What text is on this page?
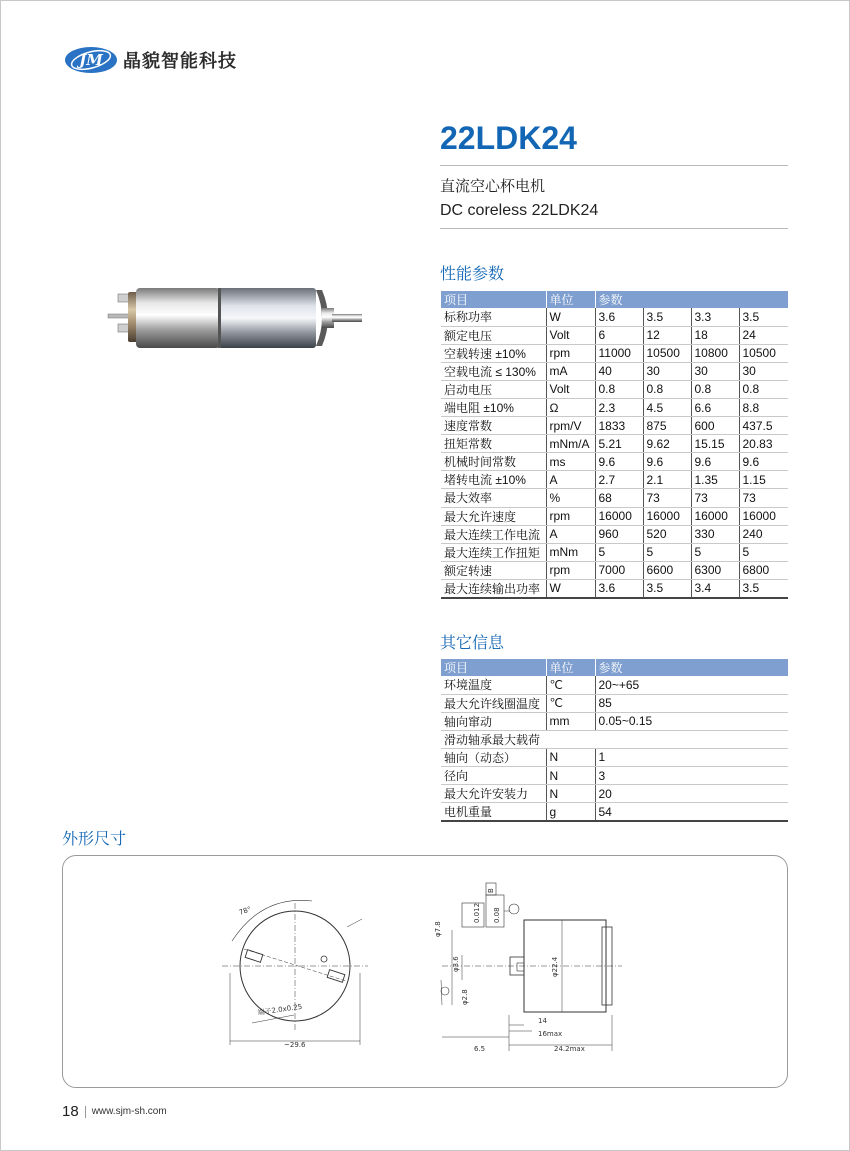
JM 晶貌智能科技
22LDK24
直流空心杯电机
DC coreless 22LDK24
性能参数
项目	单位	参数			
标称功率	W	3.6	3.5	3.3	3.5
额定电压	Volt	6	12	18	24
空载转速 ±10%	rpm	11000	10500	10800	10500
空载电流 ≤ 130%	mA	40	30	30	30
启动电压	Volt	0.8	0.8	0.8	0.8
端电阻 ±10%	Ω	2.3	4.5	6.6	8.8
速度常数	rpm/V	1833	875	600	437.5
扭矩常数	mNm/A	5.21	9.62	15.15	20.83
机械时间常数	ms	9.6	9.6	9.6	9.6
堵转电流 ±10%	A	2.7	2.1	1.35	1.15
最大效率	%	68	73	73	73
最大允许速度	rpm	16000	16000	16000	16000
最大连续工作电流	A	960	520	330	240
最大连续工作扭矩	mNm	5	5	5	5
额定转速	rpm	7000	6600	6300	6800
最大连续输出功率	W	3.6	3.5	3.4	3.5
其它信息
项目	单位	参数
环境温度	℃	20~+65
最大允许线圈温度	℃	85
轴向窜动	mm	0.05~0.15
滑动轴承最大载荷		
轴向（动态）	N	1
径向	N	3
最大允许安装力	N	20
电机重量	g	54
外形尺寸
78°
端子2.0x0.25
~29.6
φ7.8
φ3.6
φ2.8
φ22.4
14
16max
24.2max
6.5
0.012 0.08
B
18 www.sjm-sh.com
